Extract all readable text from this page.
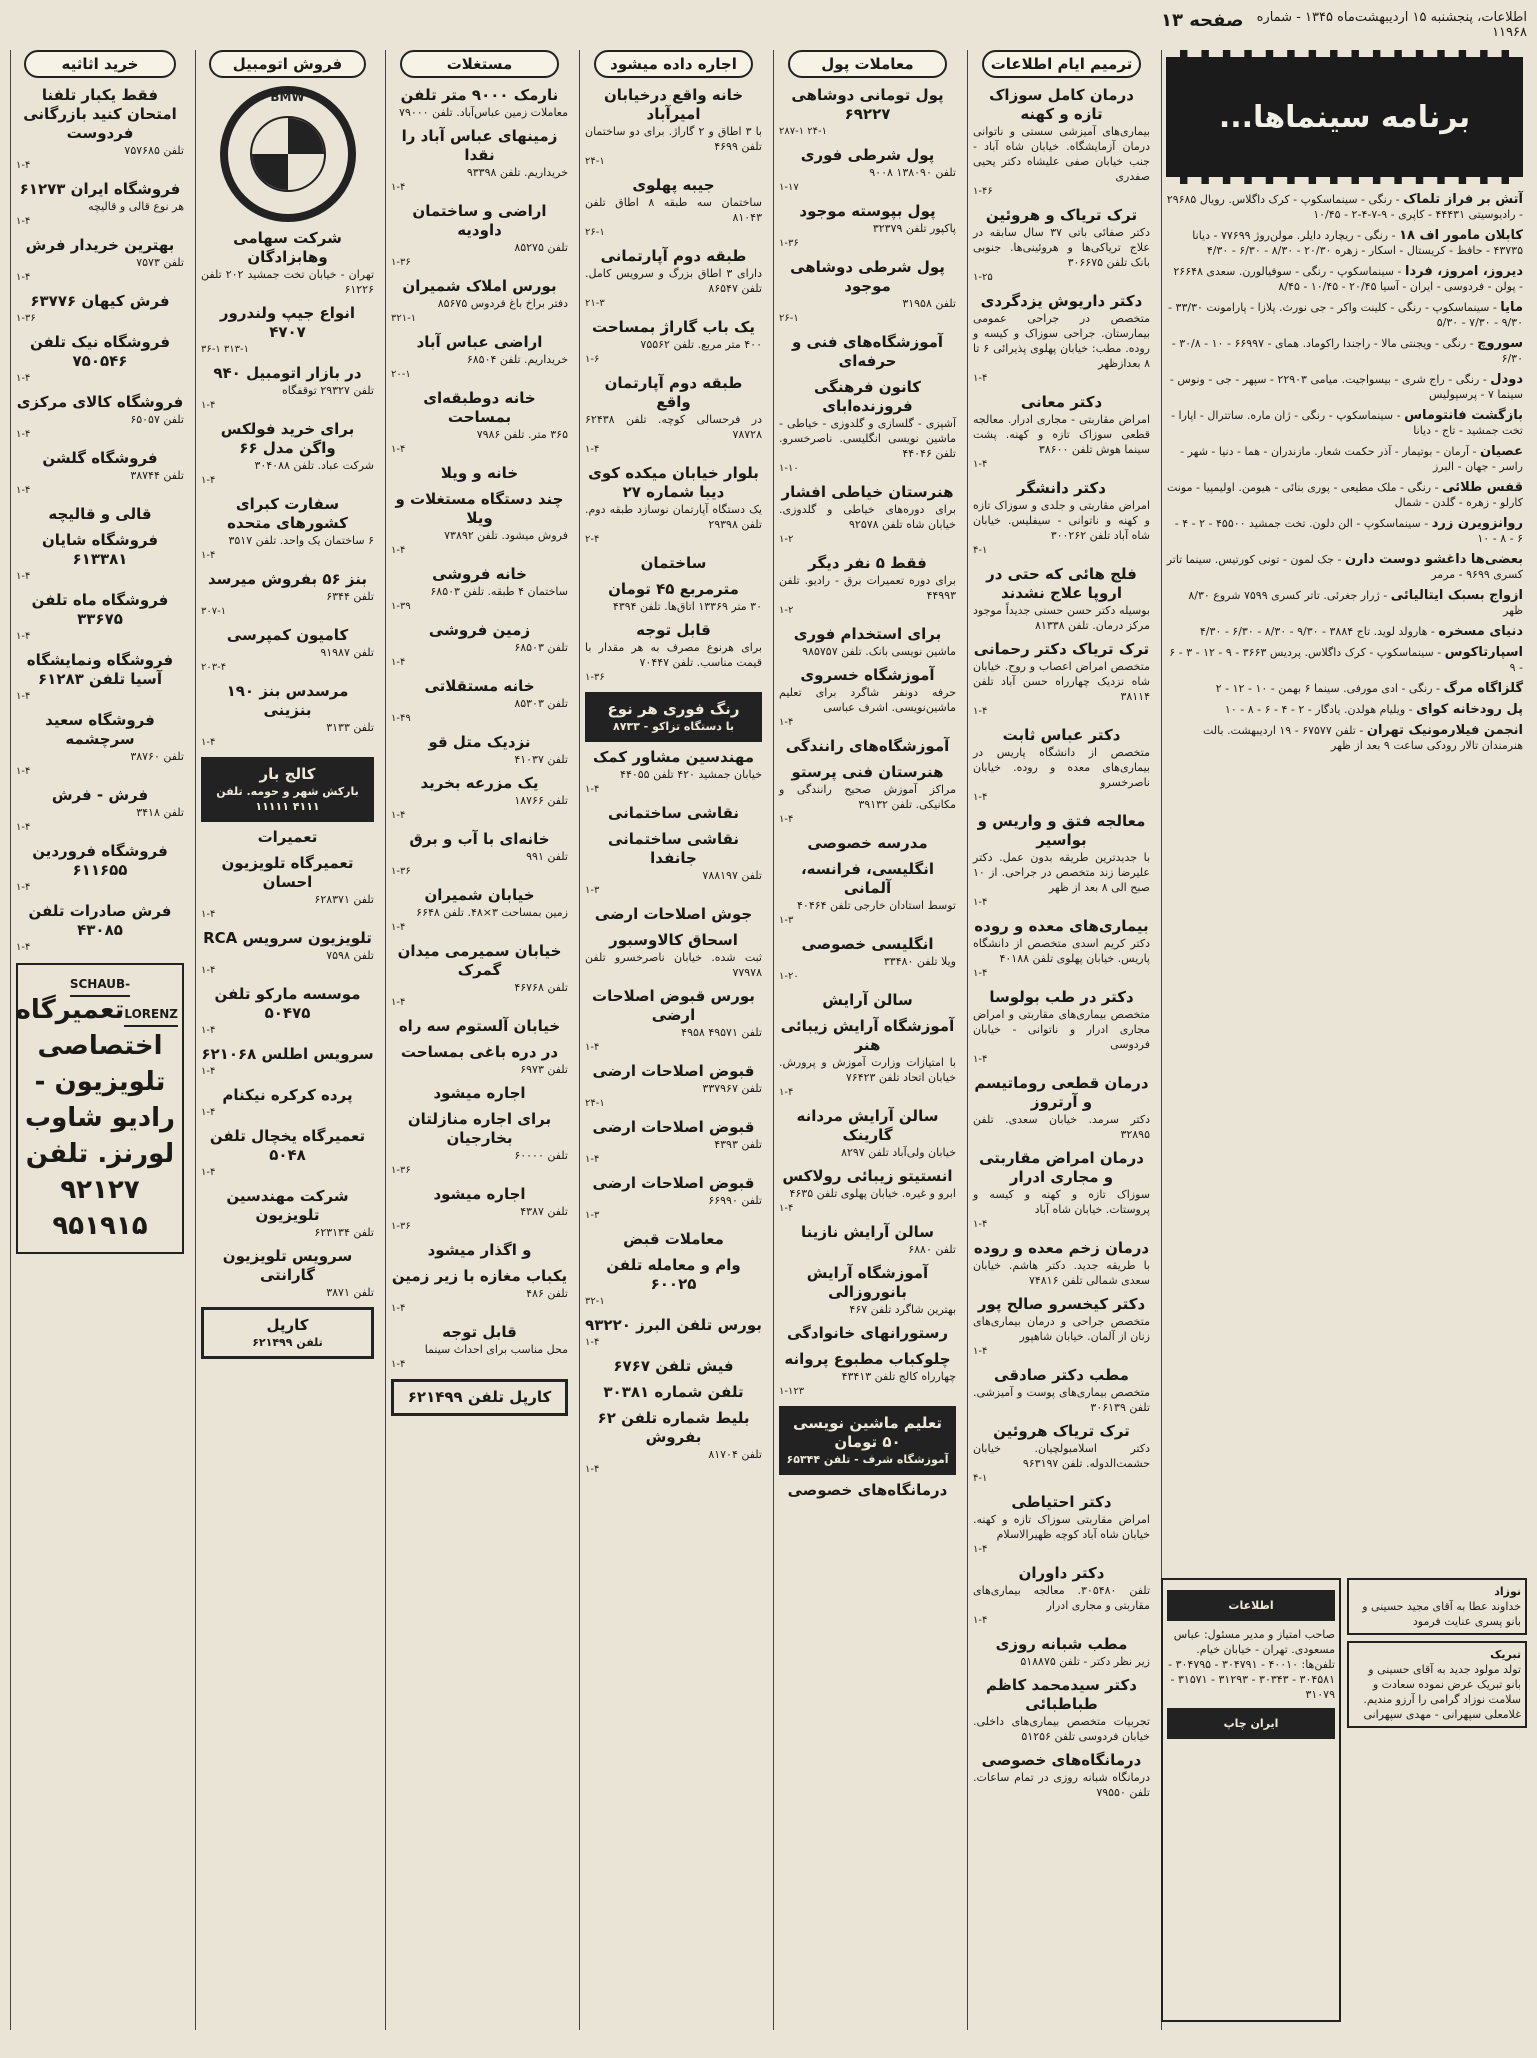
صفحه ۱۳	اطلاعات، پنجشنبه ۱۵ اردیبهشت‌ماه ۱۳۴۵ - شماره ۱۱۹۶۸
برنامه سینماها...
آتش بر فراز تلماک - رنگی - سینماسکوپ - کرک داگلاس. رویال ۲۹۶۸۵ - رادیوسیتی ۴۴۴۳۱ - کاپری - ۹-۷-۴-۲ - ۱۰/۴۵
کابلان مامور اف ۱۸ - رنگی - ریچارد دایلر. مولن‌روژ ۷۷۶۹۹ - دیانا ۴۳۷۳۵ - حافظ - کریستال - اسکار - زهره ۲۰/۳۰ - ۸/۳۰ - ۶/۳۰ - ۴/۳۰
دیروز، امروز، فردا - سینماسکوپ - رنگی - سوفیالورن. سعدی ۲۶۶۴۸ - پولن - فردوسی - ایران - آسیا ۲۰/۴۵ - ۱۰/۴۵ - ۸/۴۵
مایا - سینماسکوپ - رنگی - کلینت واکر - جی نورث. پلازا - پارامونت ۳۳/۳۰ - ۹/۳۰ - ۷/۳۰ - ۵/۳۰
سوروچ - رنگی - ویجنتی مالا - راجندا راکوماد. همای - ۶۶۹۹۷ - ۱۰ - ۳۰/۸ - ۶/۳۰
دودل - رنگی - راج شری - بیسواجیت. میامی ۲۲۹۰۳ - سپهر - جی - ونوس - سینما ۷ - پرسپولیس
بازگشت فانتوماس - سینماسکوپ - رنگی - ژان ماره. ساتترال - اپارا - تخت جمشید - تاج - دیانا
عصیان - آرمان - بوتیمار - آذر حکمت شعار. مازندران - هما - دنیا - شهر - راسر - جهان - البرز
قفس طلائی - رنگی - ملک مطیعی - پوری بنائی - هیومن. اولیمپیا - مونت کارلو - زهره - گلدن - شمال
روانزویرن زرد - سینماسکوپ - الن دلون. تخت جمشید ۴۵۵۰۰ - ۲ - ۴ - ۶ - ۸ - ۱۰
بعضی‌ها داغشو دوست دارن - جک لمون - تونی کورتیس. سینما تاتر کسری ۹۶۹۹ - مرمر
ازواج بسبک ایتالیائی - ژرار جغرئی. تاتر کسری ۷۵۹۹ شروع ۸/۳۰ ظهر
دنیای مسخره - هارولد لوید. تاج ۳۸۸۴ - ۹/۳۰ - ۸/۳۰ - ۶/۳۰ - ۴/۳۰
اسپارتاکوس - سینماسکوپ - کرک داگلاس. پردیس ۳۶۶۳ - ۹ - ۱۲ - ۳ - ۶ - ۹
گلزاگاه مرگ - رنگی - ادی مورفی. سینما ۶ بهمن - ۱۰ - ۱۲ - ۲
پل رودخانه کوای - ویلیام هولدن. یادگار - ۲ - ۴ - ۶ - ۸ - ۱۰
انجمن فیلارمونیک تهران - تلفن ۶۷۵۷۷ - ۱۹ اردیبهشت. بالت هنرمندان تالار رودکی ساعت ۹ بعد از ظهر
نوزاد
خداوند عطا به آقای مجید حسینی و بانو پسری عنایت فرمود
تبریک
تولد مولود جدید به آقای حسینی و بانو تبریک عرض نموده سعادت و سلامت نوزاد گرامی را آرزو مندیم. غلامعلی سپهرانی - مهدی سپهرانی
اطلاعات
صاحب امتیاز و مدیر مسئول: عباس مسعودی. تهران - خیابان خیام. تلفن‌ها: ۴۰۰۱۰ - ۳۰۴۷۹۱ - ۳۰۴۷۹۵ - ۳۰۴۵۸۱ - ۳۰۳۴۳ - ۳۱۲۹۳ - ۳۱۵۷۱ - ۳۱۰۷۹
ایران چاپ
ترمیم ایام اطلاعات
درمان کامل سوزاک تازه و کهنه
بیماری‌های آمیزشی سستی و ناتوانی درمان آزمایشگاه. خیابان شاه آباد - جنب خیابان صفی علیشاه دکتر یحیی صفدری
۱-۴۶
ترک تریاک و هروئین
دکتر صفائی باتی ۳۷ سال سابقه در علاج تریاکی‌ها و هروئینی‌ها. جنوبی بانک تلفن ۳۰۶۶۷۵
۱-۲۵
دکتر داریوش یزدگردی
متخصص در جراحی عمومی بیمارستان. جراحی سوزاک و کیسه و روده. مطب: خیابان پهلوی پذیرائی ۶ تا ۸ بعدازظهر
۱-۴
دکتر معانی
امراض مقاربتی - مجاری ادرار. معالجه قطعی سوزاک تازه و کهنه. پشت سینما هوش تلفن ۳۸۶۰۰
۱-۴
دکتر دانشگر
امراض مقاربتی و جلدی و سوزاک تازه و کهنه و ناتوانی - سیفلیس. خیابان شاه آباد تلفن ۳۰۰۲۶۲
۴-۱
فلج هائی که حتی در اروپا علاج نشدند
بوسیله دکتر حسن حسنی جدیداً موجود مرکز درمان. تلفن ۸۱۳۳۸
ترک تریاک دکتر رحمانی
متخصص امراض اعصاب و روح. خیابان شاه نزدیک چهارراه حسن آباد تلفن ۳۸۱۱۴
۱-۴
دکتر عباس ثابت
متخصص از دانشگاه پاریس در بیماری‌های معده و روده. خیابان ناصرخسرو
۱-۴
معالجه فتق و واریس و بواسیر
با جدیدترین طریقه بدون عمل. دکتر علیرضا زند متخصص در جراحی. از ۱۰ صبح الی ۸ بعد از ظهر
۱-۴
بیماری‌های معده و روده
دکتر کریم اسدی متخصص از دانشگاه پاریس. خیابان پهلوی تلفن ۴۰۱۸۸
۱-۴
دکتر در طب بولوسا
متخصص بیماری‌های مقاربتی و امراض مجاری ادرار و ناتوانی - خیابان فردوسی
۱-۴
درمان قطعی روماتیسم و آرتروز
دکتر سرمد. خیابان سعدی. تلفن ۳۲۸۹۵
درمان امراض مقاربتی و مجاری ادرار
سوزاک تازه و کهنه و کیسه و پروستات. خیابان شاه آباد
۱-۴
درمان زخم معده و روده
با طریقه جدید. دکتر هاشم. خیابان سعدی شمالی تلفن ۷۴۸۱۶
دکتر کیخسرو صالح پور
متخصص جراحی و درمان بیماری‌های زنان از آلمان. خیابان شاهپور
۱-۴
مطب دکتر صادقی
متخصص بیماری‌های پوست و آمیزشی. تلفن ۳۰۶۱۳۹
ترک تریاک هروئین
دکتر اسلامبولچیان. خیابان حشمت‌الدوله. تلفن ۹۶۳۱۹۷
۴-۱
دکتر احتیاطی
امراض مقاربتی سوزاک تازه و کهنه. خیابان شاه آباد کوچه ظهیرالاسلام
۱-۴
دکتر داوران
تلفن ۳۰۵۴۸۰. معالجه بیماری‌های مقاربتی و مجاری ادرار
۱-۴
مطب شبانه روزی
زیر نظر دکتر - تلفن ۵۱۸۸۷۵
دکتر سیدمحمد کاظم طباطبائی
تجربیات متخصص بیماری‌های داخلی. خیابان فردوسی تلفن ۵۱۲۵۶
درمانگاه‌های خصوصی
درمانگاه شبانه روزی در تمام ساعات. تلفن ۷۹۵۵۰
معاملات پول
پول تومانی دوشاهی ۶۹۲۲۷
۲۸۷-۱ ۲۴-۱
پول شرطی فوری
تلفن ۱۳۸۰۹۰ ۹۰۰۸
۱-۱۷
پول بپوسته موجود
پاکپور تلفن ۳۲۳۷۹
۱-۳۶
پول شرطی دوشاهی موجود
تلفن ۳۱۹۵۸
۲۶-۱
آموزشگاه‌های فنی و حرفه‌ای
کانون فرهنگی فروزنده‌ابای
آشپزی - گلسازی و گلدوزی - خیاطی - ماشین نویسی انگلیسی. ناصرخسرو. تلفن ۴۴۰۴۶
۱-۱۰
هنرستان خیاطی افشار
برای دوره‌های خیاطی و گلدوزی. خیابان شاه تلفن ۹۲۵۷۸
۱-۲
فقط ۵ نفر دیگر
برای دوره تعمیرات برق - رادیو. تلفن ۴۴۹۹۳
۱-۲
برای استخدام فوری
ماشین نویسی بانک. تلفن ۹۸۵۷۵۷
آموزشگاه خسروی
حرفه دونفر شاگرد برای تعلیم ماشین‌نویسی. اشرف عباسی
۱-۴
آموزشگاه‌های رانندگی
هنرستان فنی پرستو
مراکز آموزش صحیح رانندگی و مکانیکی. تلفن ۳۹۱۳۲
۱-۴
مدرسه خصوصی
انگلیسی، فرانسه، آلمانی
توسط استادان خارجی تلفن ۴۰۴۶۴
۱-۳
انگلیسی خصوصی
ویلا تلفن ۳۳۴۸۰
۱-۲۰
سالن آرایش
آموزشگاه آرایش زیبائی هنر
با امتیازات وزارت آموزش و پرورش. خیابان اتحاد تلفن ۷۶۴۲۳
۱-۴
سالن آرایش مردانه گارینک
خیابان ولی‌آباد تلفن ۸۲۹۷
انستیتو زیبائی رولاکس
ابرو و غیره. خیابان پهلوی تلفن ۴۶۳۵
۱-۴
سالن آرایش نازینا
تلفن ۶۸۸۰
آموزشگاه آرایش بانوروزالی
بهترین شاگرد تلفن ۴۶۷
رستورانهای خانوادگی
چلوکباب مطبوع پروانه
چهارراه کالج تلفن ۴۳۴۱۳
۱-۱۲۳
تعلیم ماشین نویسی ۵۰ تومان
آموزشگاه شرف - تلفن ۶۵۳۴۴
درمانگاه‌های خصوصی
اجاره داده میشود
خانه واقع درخیابان امیرآباد
با ۳ اطاق و ۲ گاراژ. برای دو ساختمان تلفن ۴۶۹۹
۲۴-۱
جیبه پهلوی
ساختمان سه طبقه ۸ اطاق تلفن ۸۱۰۴۳
۲۶-۱
طبقه دوم آپارتمانی
دارای ۳ اطاق بزرگ و سرویس کامل. تلفن ۸۶۵۴۷
۲۱-۳
یک باب گاراژ بمساحت
۴۰۰ متر مربع. تلفن ۷۵۵۶۲
۱-۶
طبقه دوم آپارتمان واقع
در فرحسالی کوچه. تلفن ۶۲۴۳۸ ۷۸۷۲۸
۱-۴
بلوار خیابان میکده کوی دیبا شماره ۲۷
یک دستگاه آپارتمان نوسازد طبقه دوم. تلفن ۲۹۳۹۸
۲-۴
ساختمان
مترمربع ۴۵ تومان
۳۰ متر ۱۳۳۶۹ اتاق‌ها. تلفن ۴۳۹۴
قابل توجه
برای هرنوع مصرف به هر مقدار با قیمت مناسب. تلفن ۷۰۴۴۷
۱-۳۶
رنگ فوری هر نوع
با دستگاه تزاکو - ۸۷۳۳
مهندسین مشاور کمک
خیابان جمشید ۴۲۰ تلفن ۴۴۰۵۵
۱-۴
نقاشی ساختمانی
نقاشی ساختمانی جانفدا
تلفن ۷۸۸۱۹۷
۱-۳
جوش اصلاحات ارضی
اسحاق کالاوسبور
ثبت شده. خیابان ناصرخسرو تلفن ۷۷۹۷۸
بورس قبوض اصلاحات ارضی
تلفن ۴۹۵۷۱ ۴۹۵۸
۱-۴
قبوض اصلاحات ارضی
تلفن ۳۳۷۹۶۷
۲۴-۱
قبوض اصلاحات ارضی
تلفن ۴۳۹۳
۱-۴
قبوض اصلاحات ارضی
تلفن ۶۶۹۹۰
۱-۳
معاملات قبض
وام و معامله تلفن ۶۰۰۲۵
۳۲-۱
بورس تلفن البرز ۹۳۲۲۰
۱-۴
فیش تلفن ۶۷۶۷
تلفن شماره ۳۰۳۸۱
بلیط شماره تلفن ۶۲ بفروش
تلفن ۸۱۷۰۴
۱-۴
مستغلات
نارمک ۹۰۰۰ متر تلفن
معاملات زمین عباس‌آباد. تلفن ۷۹۰۰۰
زمینهای عباس آباد را نقدا
خریداریم. تلفن ۹۳۳۹۸
۱-۴
اراضی و ساختمان داودیه
تلفن ۸۵۲۷۵
۱-۳۶
بورس املاک شمیران
دفتر براخ باغ فردوس ۸۵۶۷۵
۳۲۱-۱
اراضی عباس آباد
خریداریم. تلفن ۶۸۵۰۴
۲۰-۱
خانه دوطبقه‌ای بمساحت
۳۶۵ متر. تلفن ۷۹۸۶
۱-۴
خانه و ویلا
چند دستگاه مستغلات و ویلا
فروش میشود. تلفن ۷۳۸۹۲
۱-۴
خانه فروشی
ساختمان ۴ طبقه. تلفن ۶۸۵۰۳
۱-۳۹
زمین فروشی
تلفن ۶۸۵۰۳
۱-۴
خانه مستقلاتی
تلفن ۸۵۳۰۳
۱-۴۹
نزدیک متل قو
تلفن ۴۱۰۳۷
یک مزرعه بخرید
تلفن ۱۸۷۶۶
۱-۴
خانه‌ای با آب و برق
تلفن ۹۹۱
۱-۳۶
خیابان شمیران
زمین بمساحت ۳×۴۸. تلفن ۶۶۴۸
۱-۴
خیابان سمیرمی میدان گمرک
تلفن ۴۶۷۶۸
۱-۴
خیابان آلستوم سه راه
در دره باغی بمساحت
تلفن ۶۹۷۳
اجاره میشود
برای اجاره منازلتان بخارجیان
تلفن ۶۰۰۰۰
۱-۳۶
اجاره میشود
تلفن ۴۳۸۷
۱-۳۶
و اگذار میشود
یکباب مغازه با زیر زمین
تلفن ۴۸۶
۱-۴
قابل توجه
محل مناسب برای احداث سینما
۱-۴
کارپل تلفن ۶۲۱۴۹۹
فروش اتومبیل
BMW
شرکت سهامی وهابزادگان
تهران - خیابان تخت جمشید ۲۰۲ تلفن ۶۱۲۲۶
انواع جیپ ولندرور ۴۷۰۷
۳۶-۱ ۳۱۳-۱
در بازار اتومبیل ۹۴۰
تلفن ۲۹۳۲۷ توقفگاه
۱-۴
برای خرید فولکس واگن مدل ۶۶
شرکت عباد. تلفن ۳۰۴۰۸۸
۱-۴
سفارت کبرای کشورهای متحده
۶ ساختمان یک واحد. تلفن ۳۵۱۷
۱-۴
بنز ۵۶ بفروش میرسد
تلفن ۶۳۴۴
۳۰۷-۱
کامیون کمپرسی
تلفن ۹۱۹۸۷
۲۰۳-۴
مرسدس بنز ۱۹۰ بنزینی
تلفن ۳۱۳۳
۱-۴
کالج بار
بارکش شهر و حومه. تلفن ۴۱۱۱ ۱۱۱۱۱
تعمیرات
تعمیرگاه تلویزیون احسان
تلفن ۶۲۸۳۷۱
۱-۴
تلویزیون سرویس RCA
تلفن ۷۵۹۸
۱-۴
موسسه مارکو تلفن ۵۰۴۷۵
۱-۴
سرویس اطلس ۶۲۱۰۶۸
۱-۴
پرده کرکره نیکنام
۱-۴
تعمیرگاه یخچال تلفن ۵۰۴۸
۱-۴
شرکت مهندسین تلویزیون
تلفن ۶۲۳۱۳۴
سرویس تلویزیون گارانتی
تلفن ۳۸۷۱
کارپل
تلفن ۶۲۱۴۹۹
خرید اثاثیه
فقط یکبار تلفنا امتحان کنید بازرگانی فردوست
تلفن ۷۵۷۶۸۵
۱-۴
فروشگاه ایران ۶۱۲۷۳
هر نوع قالی و قالیچه
۱-۴
بهترین خریدار فرش
تلفن ۷۵۷۳
۱-۴
فرش کیهان ۶۳۷۷۶
۱-۳۶
فروشگاه نیک تلفن ۷۵۰۵۴۶
۱-۴
فروشگاه کالای مرکزی
تلفن ۶۵۰۵۷
۱-۴
فروشگاه گلشن
تلفن ۳۸۷۴۴
۱-۴
قالی و قالیچه
فروشگاه شایان ۶۱۳۳۸۱
۱-۴
فروشگاه ماه تلفن ۳۳۶۷۵
۱-۴
فروشگاه ونمایشگاه آسیا تلفن ۶۱۲۸۳
۱-۴
فروشگاه سعید سرچشمه
تلفن ۳۸۷۶۰
۱-۴
فرش - فرش
تلفن ۳۴۱۸
۱-۴
فروشگاه فروردین ۶۱۱۶۵۵
۱-۴
فرش صادرات تلفن ۴۳۰۸۵
۱-۴
SCHAUB-LORENZتعمیرگاه اختصاصی تلویزیون - رادیو شاوب لورنز. تلفن ۹۲۱۲۷ ۹۵۱۹۱۵
